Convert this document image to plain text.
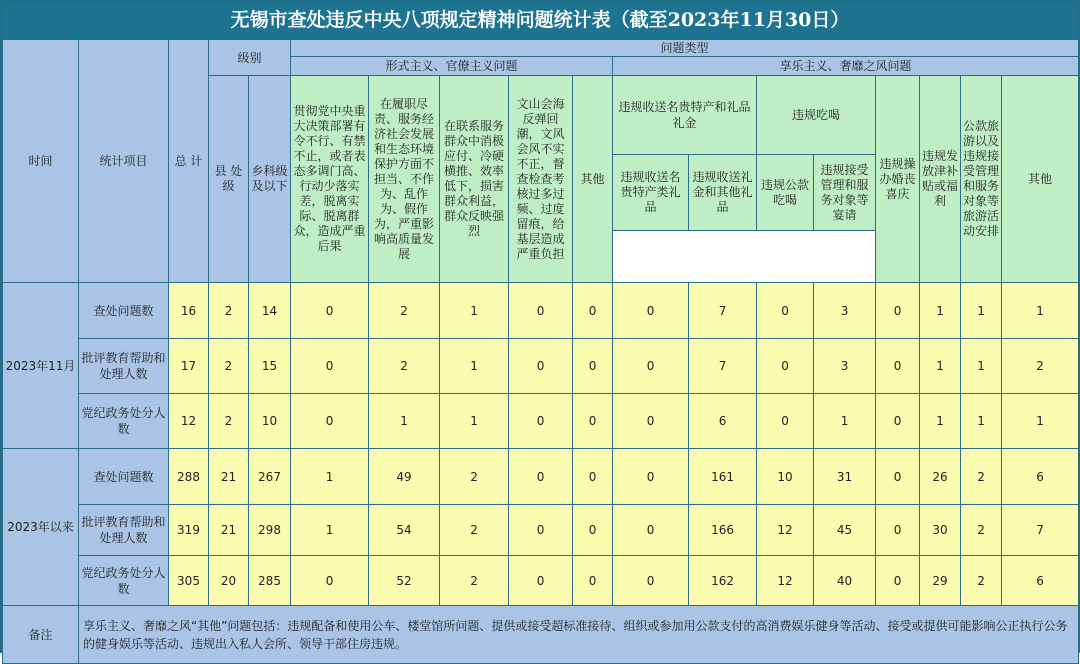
无锡市查处违反中央八项规定精神问题统计表（截至2023年11月30日）
时间	统计项目	总 计	级别		问题类型												
					形式主义、官僚主义问题					享乐主义、奢靡之风问题							
			县 处级	乡科级及以下	贯彻党中央重大决策部署有令不行、有禁不止，或者表态多调门高、行动少落实差，脱离实际、脱离群众，造成严重后果	在履职尽责、服务经济社会发展和生态环境保护方面不担当、不作为、乱作为、假作为，严重影响高质量发展	在联系服务群众中消极应付、冷硬横推、效率低下，损害群众利益，群众反映强烈	文山会海反弹回潮，文风会风不实不正，督查检查考核过多过频、过度留痕，给基层造成严重负担	其他	违规收送名贵特产和礼品礼金		违规吃喝		违规操办婚丧喜庆	违规发放津补贴或福利	公款旅游以及违规接受管理和服务对象等旅游活动安排	其他
										违规收送名贵特产类礼品	违规收送礼金和其他礼品	违规公款吃喝	违规接受管理和服务对象等宴请				

2023年11月	查处问题数	16	2	14	0	2	1	0	0	0	7	0	3	0	1	1	1
	批评教育帮助和处理人数	17	2	15	0	2	1	0	0	0	7	0	3	0	1	1	2
	党纪政务处分人数	12	2	10	0	1	1	0	0	0	6	0	1	0	1	1	1
2023年以来	查处问题数	288	21	267	1	49	2	0	0	0	161	10	31	0	26	2	6
	批评教育帮助和处理人数	319	21	298	1	54	2	0	0	0	166	12	45	0	30	2	7
	党纪政务处分人数	305	20	285	0	52	2	0	0	0	162	12	40	0	29	2	6
备注	享乐主义、奢靡之风“其他”问题包括：违规配备和使用公车、楼堂馆所问题、提供或接受超标准接待、组织或参加用公款支付的高消费娱乐健身等活动、接受或提供可能影响公正执行公务的健身娱乐等活动、违规出入私人会所、领导干部住房违规。																
